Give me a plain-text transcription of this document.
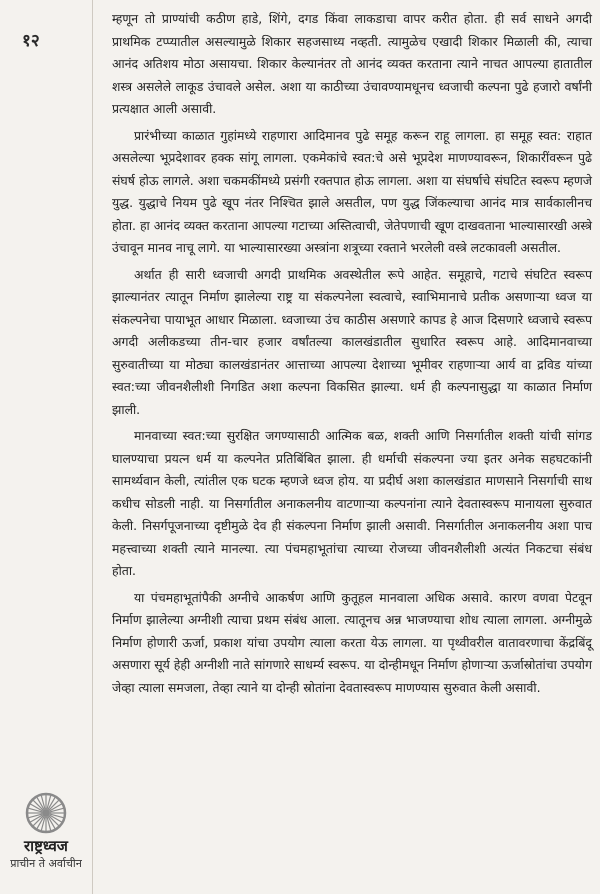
१२

म्हणून तो प्राण्यांची कठीण हाडे, शिंगे, दगड किंवा लाकडाचा वापर करीत होता. ही सर्व साधने अगदी प्राथमिक टप्प्यातील असल्यामुळे शिकार सहजसाध्य नव्हती. त्यामुळेच एखादी शिकार मिळाली की, त्याचा आनंद अतिशय मोठा असायचा. शिकार केल्यानंतर तो आनंद व्यक्त करताना त्याने नाचत आपल्या हातातील शस्त्र असलेले लाकूड उंचावले असेल. अशा या काठीच्या उंचावण्यामधूनच ध्वजाची कल्पना पुढे हजारो वर्षांनी प्रत्यक्षात आली असावी.

प्रारंभीच्या काळात गुहांमध्ये राहणारा आदिमानव पुढे समूह करून राहू लागला. हा समूह स्वत: राहात असलेल्या भूप्रदेशावर हक्क सांगू लागला. एकमेकांचे स्वत:चे असे भूप्रदेश माणण्यावरून, शिकारींवरून पुढे संघर्ष होऊ लागले. अशा चकमकींमध्ये प्रसंगी रक्तपात होऊ लागला. अशा या संघर्षाचे संघटित स्वरूप म्हणजे युद्ध. युद्धाचे नियम पुढे खूप नंतर निश्चित झाले असतील, पण युद्ध जिंकल्याचा आनंद मात्र सार्वकालीनच होता. हा आनंद व्यक्त करताना आपल्या गटाच्या अस्तित्वाची, जेतेपणाची खूण दाखवताना भाल्यासारखी अस्त्रे उंचावून मानव नाचू लागे. या भाल्यासारख्या अस्त्रांना शत्रूच्या रक्ताने भरलेली वस्त्रे लटकावली असतील.

अर्थात ही सारी ध्वजाची अगदी प्राथमिक अवस्थेतील रूपे आहेत. समूहाचे, गटाचे संघटित स्वरूप झाल्यानंतर त्यातून निर्माण झालेल्या राष्ट्र या संकल्पनेला स्वत्वाचे, स्वाभिमानाचे प्रतीक असणाऱ्या ध्वज या संकल्पनेचा पायाभूत आधार मिळाला. ध्वजाच्या उंच काठीस असणारे कापड हे आज दिसणारे ध्वजाचे स्वरूप अगदी अलीकडच्या तीन-चार हजार वर्षांतल्या कालखंडातील सुधारित स्वरूप आहे. आदिमानवाच्या सुरुवातीच्या या मोठ्या कालखंडानंतर आत्ताच्या आपल्या देशाच्या भूमीवर राहणाऱ्या आर्य वा द्रविड यांच्या स्वत:च्या जीवनशैलीशी निगडित अशा कल्पना विकसित झाल्या. धर्म ही कल्पनासुद्धा या काळात निर्माण झाली.

मानवाच्या स्वत:च्या सुरक्षित जगण्यासाठी आत्मिक बळ, शक्ती आणि निसर्गातील शक्ती यांची सांगड घालण्याचा प्रयत्न धर्म या कल्पनेत प्रतिबिंबित झाला. ही धर्माची संकल्पना ज्या इतर अनेक सहघटकांनी सामर्थ्यवान केली, त्यांतील एक घटक म्हणजे ध्वज होय. या प्रदीर्घ अशा कालखंडात माणसाने निसर्गाची साथ कधीच सोडली नाही. या निसर्गातील अनाकलनीय वाटणाऱ्या कल्पनांना त्याने देवतास्वरूप मानायला सुरुवात केली. निसर्गपूजनाच्या दृष्टीमुळे देव ही संकल्पना निर्माण झाली असावी. निसर्गातील अनाकलनीय अशा पाच महत्त्वाच्या शक्ती त्याने मानल्या. त्या पंचमहाभूतांचा त्याच्या रोजच्या जीवनशैलीशी अत्यंत निकटचा संबंध होता.

या पंचमहाभूतांपैकी अग्नीचे आकर्षण आणि कुतूहल मानवाला अधिक असावे. कारण वणवा पेटवून निर्माण झालेल्या अग्नीशी त्याचा प्रथम संबंध आला. त्यातूनच अन्न भाजण्याचा शोध त्याला लागला. अग्नीमुळे निर्माण होणारी ऊर्जा, प्रकाश यांचा उपयोग त्याला करता येऊ लागला. या पृथ्वीवरील वातावरणाचा केंद्रबिंदू असणारा सूर्य हेही अग्नीशी नाते सांगणारे साधर्म्य स्वरूप. या दोन्हीमधून निर्माण होणाऱ्या ऊर्जास्रोतांचा उपयोग जेव्हा त्याला समजला, तेव्हा त्याने या दोन्ही स्रोतांना देवतास्वरूप माणण्यास सुरुवात केली असावी.

राष्ट्रध्वज
प्राचीन ते अर्वाचीन
